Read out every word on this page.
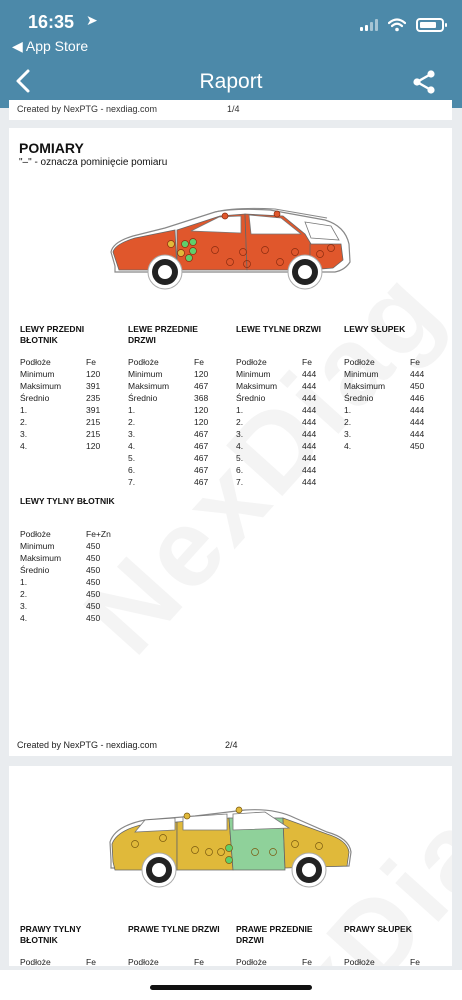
16:35 ➤
◀ App Store
Raport
Created by NexPTG - nexdiag.com	1/4
POMIARY
"–" - oznacza pominięcie pomiaru
LEWY PRZEDNI BŁOTNIK
Podłoże	Fe
Minimum	120
Maksimum	391
Średnio	235
1.	391
2.	215
3.	215
4.	120
LEWE PRZEDNIE DRZWI
Podłoże	Fe
Minimum	120
Maksimum	467
Średnio	368
1.	120
2.	120
3.	467
4.	467
5.	467
6.	467
7.	467
LEWE TYLNE DRZWI
Podłoże	Fe
Minimum	444
Maksimum	444
Średnio	444
1.	444
2.	444
3.	444
4.	444
5.	444
6.	444
7.	444
LEWY SŁUPEK
Podłoże	Fe
Minimum	444
Maksimum	450
Średnio	446
1.	444
2.	444
3.	444
4.	450
LEWY TYLNY BŁOTNIK
Podłoże	Fe+Zn
Minimum	450
Maksimum	450
Średnio	450
1.	450
2.	450
3.	450
4.	450
Created by NexPTG - nexdiag.com	2/4
PRAWY TYLNY BŁOTNIK
Podłoże	Fe
PRAWE TYLNE DRZWI
Podłoże	Fe
PRAWE PRZEDNIE DRZWI
Podłoże	Fe
PRAWY SŁUPEK
Podłoże	Fe
